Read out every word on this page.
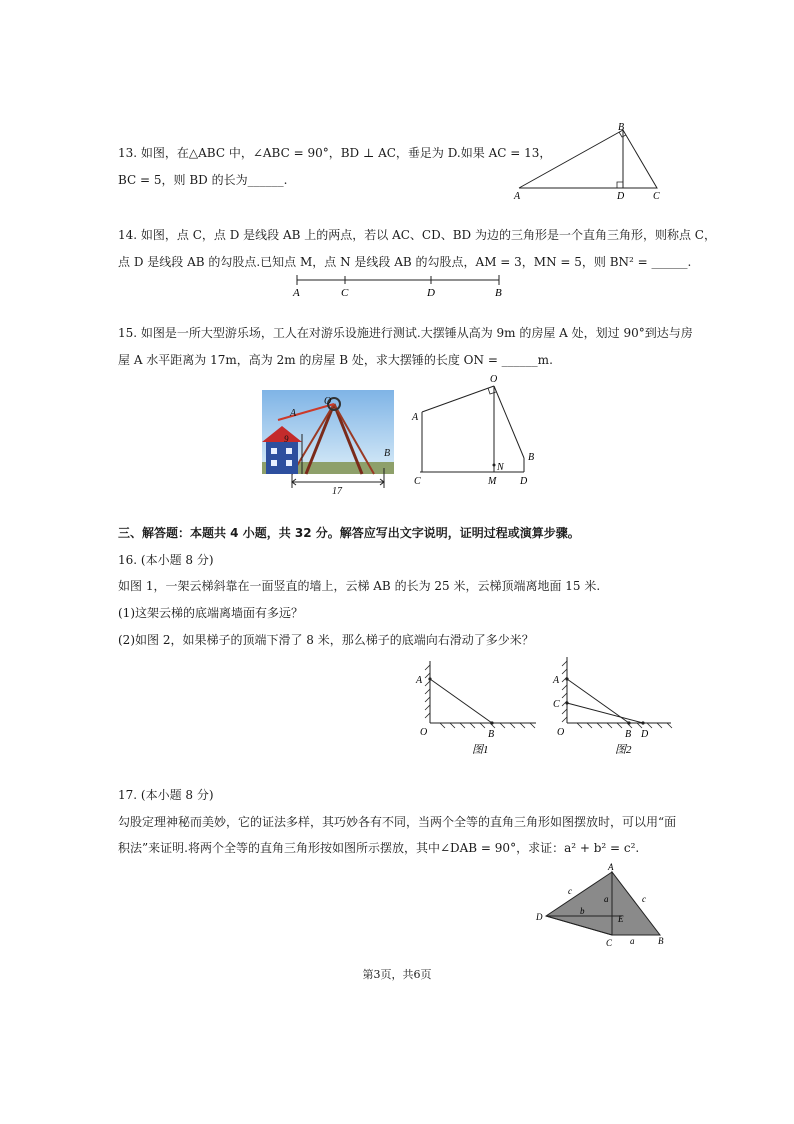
13. 如图，在△ABC 中，∠ABC = 90°，BD ⊥ AC，垂足为 D.如果 AC = 13，
BC = 5，则 BD 的长为______.
B
A	D	C
14. 如图，点 C，点 D 是线段 AB 上的两点，若以 AC、CD、BD 为边的三角形是一个直角三角形，则称点 C，
点 D 是线段 AB 的勾股点.已知点 M，点 N 是线段 AB 的勾股点，AM = 3，MN = 5，则 BN² = ______.
A	C	D	B
15. 如图是一所大型游乐场，工人在对游乐设施进行测试.大摆锤从高为 9m 的房屋 A 处，划过 90°到达与房
屋 A 水平距离为 17m，高为 2m 的房屋 B 处，求大摆锤的长度 ON = ______m.
A
O
B
9
17
O
A
B
C	M
N
D
三、解答题：本题共 4 小题，共 32 分。解答应写出文字说明，证明过程或演算步骤。
16. (本小题 8 分)
如图 1，一架云梯斜靠在一面竖直的墙上，云梯 AB 的长为 25 米，云梯顶端离地面 15 米.
(1)这架云梯的底端离墙面有多远？
(2)如图 2，如果梯子的顶端下滑了 8 米，那么梯子的底端向右滑动了多少米？
A
O	B
图1
A
C
O	B D
图2
17. (本小题 8 分)
勾股定理神秘而美妙，它的证法多样，其巧妙各有不同，当两个全等的直角三角形如图摆放时，可以用“面
积法”来证明.将两个全等的直角三角形按如图所示摆放，其中∠DAB = 90°，求证：a² + b² = c².
A
B
C
D	E
a
a
b
c
c
第3页，共6页
